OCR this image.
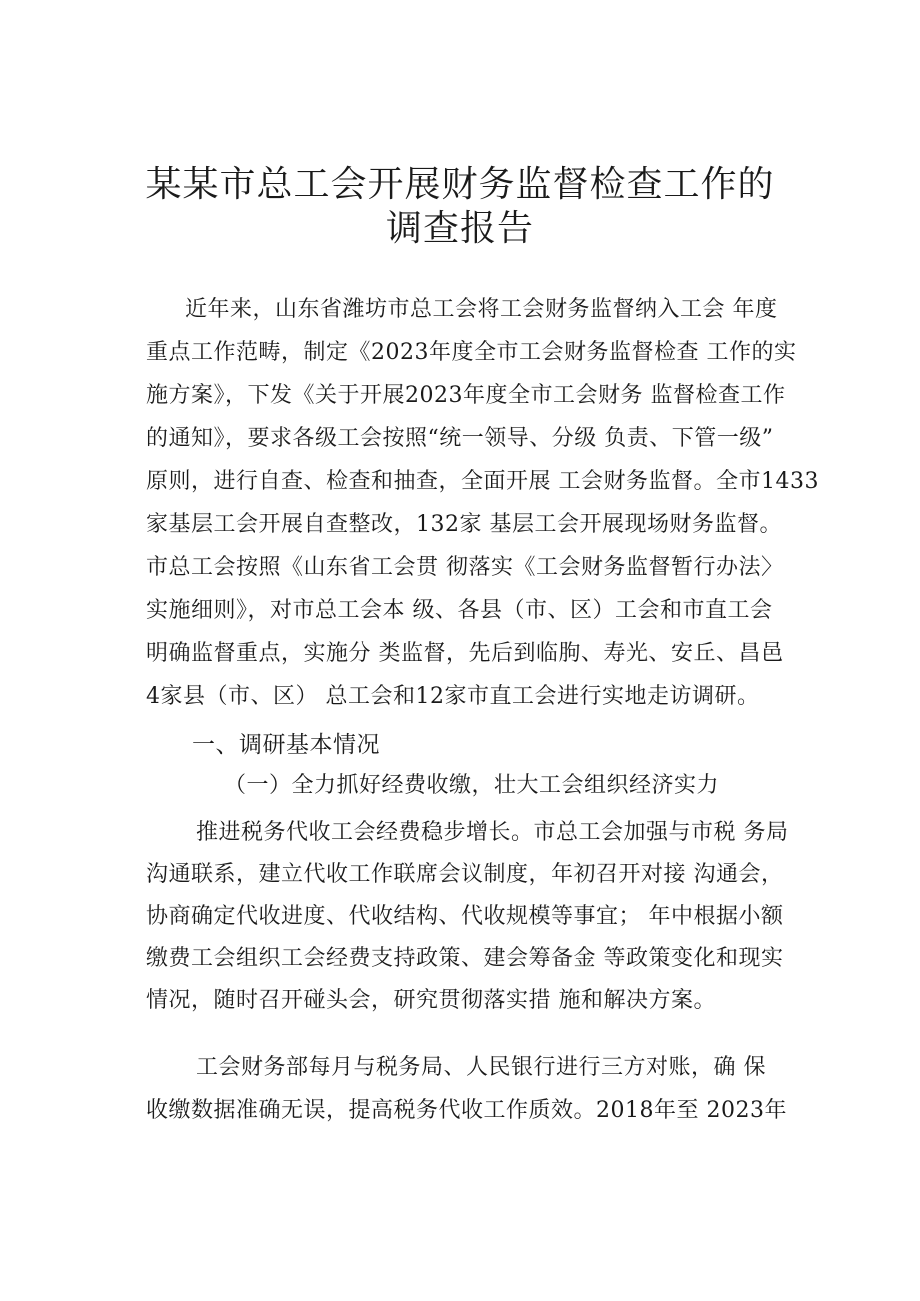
某某市总工会开展财务监督检查工作的
调查报告
近年来，山东省潍坊市总工会将工会财务监督纳入工会 年度
重点工作范畴，制定《2023年度全市工会财务监督检查 工作的实
施方案》，下发《关于开展2023年度全市工会财务 监督检查工作
的通知》，要求各级工会按照“统一领导、分级 负责、下管一级”
原则，进行自查、检查和抽查，全面开展 工会财务监督。全市1433
家基层工会开展自查整改，132家 基层工会开展现场财务监督。
市总工会按照《山东省工会贯 彻落实《工会财务监督暂行办法〉
实施细则》，对市总工会本 级、各县（市、区）工会和市直工会
明确监督重点，实施分 类监督，先后到临朐、寿光、安丘、昌邑
4家县（市、区） 总工会和12家市直工会进行实地走访调研。
一、调研基本情况
（一）全力抓好经费收缴，壮大工会组织经济实力
推进税务代收工会经费稳步增长。市总工会加强与市税 务局
沟通联系，建立代收工作联席会议制度，年初召开对接 沟通会，
协商确定代收进度、代收结构、代收规模等事宜； 年中根据小额
缴费工会组织工会经费支持政策、建会筹备金 等政策变化和现实
情况，随时召开碰头会，研究贯彻落实措 施和解决方案。
工会财务部每月与税务局、人民银行进行三方对账，确 保
收缴数据准确无误，提高税务代收工作质效。2018年至 2023年
